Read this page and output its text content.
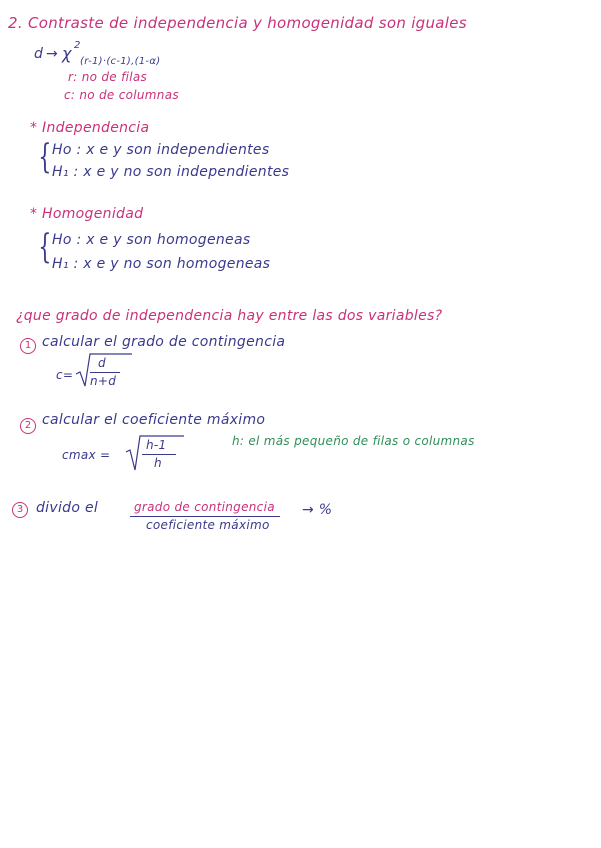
2. Contraste de independencia y homogenidad son iguales
d → χ 2
(r-1)·(c-1),(1-α)
r: no de filas
c: no de columnas
* Independencia
{ Ho : x e y son independientes
H₁ : x e y no son independientes
* Homogenidad
{ Ho : x e y son homogeneas
H₁ : x e y no son homogeneas
¿que grado de independencia hay entre las dos variables?
1 calcular el grado de contingencia
c=
d
n+d
2 calcular el coeficiente máximo
cmax =
h-1
h
h: el más pequeño de filas o columnas
3 divido el	grado de contingencia
coeficiente máximo
→ %
